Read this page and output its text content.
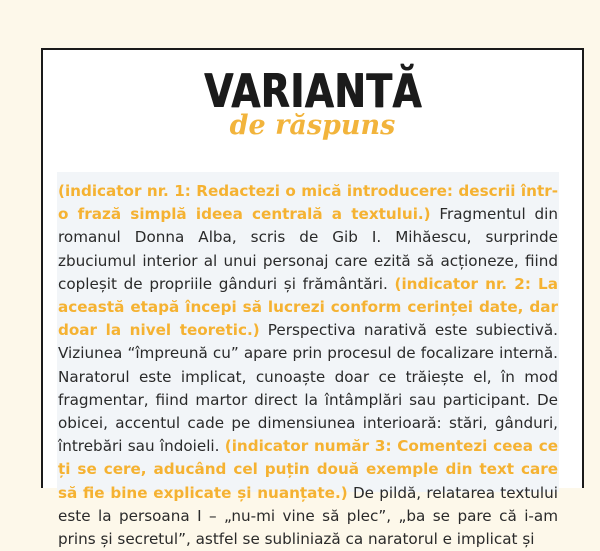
VARIANTĂ
de răspuns

(indicator nr. 1: Redactezi o mică introducere: descrii într-o frază simplă ideea centrală a textului.) Fragmentul din romanul Donna Alba, scris de Gib I. Mihăescu, surprinde zbuciumul interior al unui personaj care ezită să acționeze, fiind copleșit de propriile gânduri și frământări. (indicator nr. 2: La această etapă începi să lucrezi conform cerinței date, dar doar la nivel teoretic.) Perspectiva narativă este subiectivă. Viziunea “împreună cu” apare prin procesul de focalizare internă. Naratorul este implicat, cunoaște doar ce trăiește el, în mod fragmentar, fiind martor direct la întâmplări sau participant. De obicei, accentul cade pe dimensiunea interioară: stări, gânduri, întrebări sau îndoieli. (indicator număr 3: Comentezi ceea ce ți se cere, aducând cel puțin două exemple din text care să fie bine explicate și nuanțate.) De pildă, relatarea textului este la persoana I – „nu-mi vine să plec”, „ba se pare că i-am prins și secretul”, astfel se subliniază ca naratorul e implicat și
